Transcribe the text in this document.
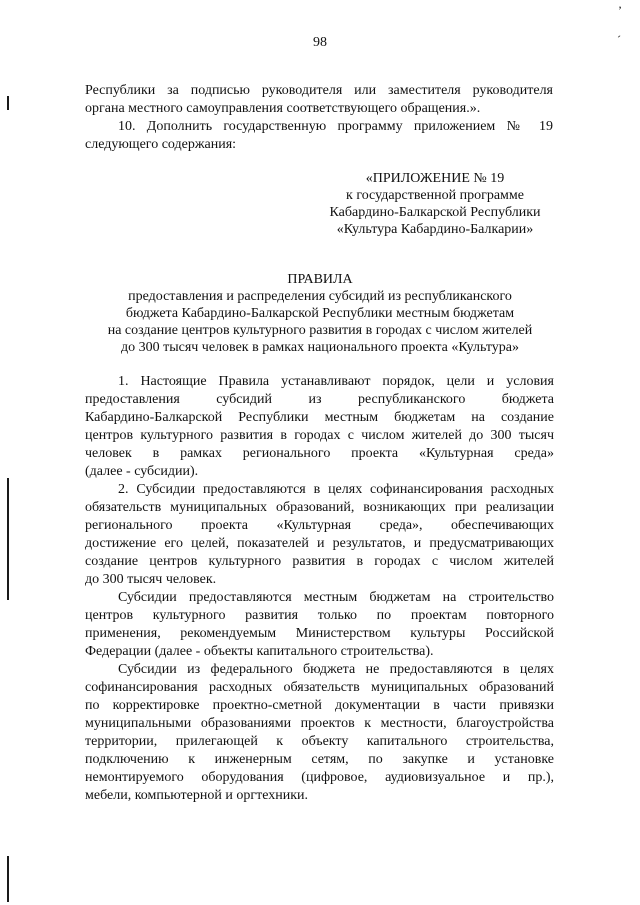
’
´
98
Республики за подписью руководителя или заместителя руководителя
органа местного самоуправления соответствующего обращения.».
10. Дополнить государственную программу приложением № 19
следующего содержания:
«ПРИЛОЖЕНИЕ № 19
к государственной программе
Кабардино-Балкарской Республики
«Культура Кабардино-Балкарии»
ПРАВИЛА
предоставления и распределения субсидий из республиканского
бюджета Кабардино-Балкарской Республики местным бюджетам
на создание центров культурного развития в городах с числом жителей
до 300 тысяч человек в рамках национального проекта «Культура»
1. Настоящие Правила устанавливают порядок, цели и условия
предоставления субсидий из республиканского бюджета
Кабардино-Балкарской Республики местным бюджетам на создание
центров культурного развития в городах с числом жителей до 300 тысяч
человек в рамках регионального проекта «Культурная среда»
(далее - субсидии).
2. Субсидии предоставляются в целях софинансирования расходных
обязательств муниципальных образований, возникающих при реализации
регионального проекта «Культурная среда», обеспечивающих
достижение его целей, показателей и результатов, и предусматривающих
создание центров культурного развития в городах с числом жителей
до 300 тысяч человек.
Субсидии предоставляются местным бюджетам на строительство
центров культурного развития только по проектам повторного
применения, рекомендуемым Министерством культуры Российской
Федерации (далее - объекты капитального строительства).
Субсидии из федерального бюджета не предоставляются в целях
софинансирования расходных обязательств муниципальных образований
по корректировке проектно-сметной документации в части привязки
муниципальными образованиями проектов к местности, благоустройства
территории, прилегающей к объекту капитального строительства,
подключению к инженерным сетям, по закупке и установке
немонтируемого оборудования (цифровое, аудиовизуальное и пр.),
мебели, компьютерной и оргтехники.
